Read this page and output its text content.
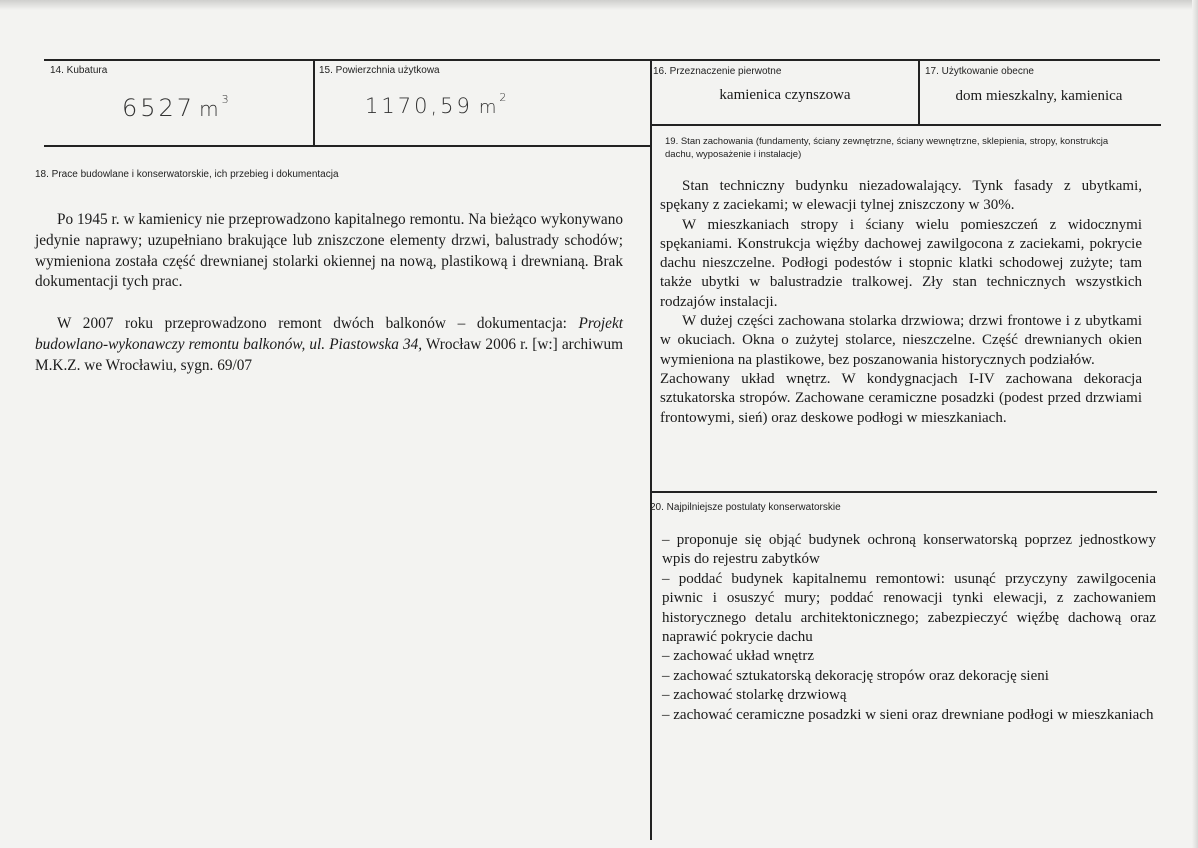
14. Kubatura
6527 $m^3$
15. Powierzchnia użytkowa
1170,59 $m^2$
16. Przeznaczenie pierwotne
kamienica czynszowa
17. Użytkowanie obecne
dom mieszkalny, kamienica
18. Prace budowlane i konserwatorskie, ich przebieg i dokumentacja

Po 1945 r. w kamienicy nie przeprowadzono kapitalnego remontu. Na bieżąco wykonywano jedynie naprawy; uzupełniano brakujące lub zniszczone elementy drzwi, balustrady schodów; wymieniona została część drewnianej stolarki okiennej na nową, plastikową i drewnianą. Brak dokumentacji tych prac.

W 2007 roku przeprowadzono remont dwóch balkonów – dokumentacja: Projekt budowlano-wykonawczy remontu balkonów, ul. Piastowska 34, Wrocław 2006 r. [w:] archiwum M.K.Z. we Wrocławiu, sygn. 69/07

19. Stan zachowania (fundamenty, ściany zewnętrzne, ściany wewnętrzne, sklepienia, stropy, konstrukcja dachu, wyposażenie i instalacje)

Stan techniczny budynku niezadowalający. Tynk fasady z ubytkami, spękany z zaciekami; w elewacji tylnej zniszczony w 30%.

W mieszkaniach stropy i ściany wielu pomieszczeń z widocznymi spękaniami. Konstrukcja więźby dachowej zawilgocona z zaciekami, pokrycie dachu nieszczelne. Podłogi podestów i stopnic klatki schodowej zużyte; tam także ubytki w balustradzie tralkowej. Zły stan technicznych wszystkich rodzajów instalacji.

W dużej części zachowana stolarka drzwiowa; drzwi frontowe i z ubytkami w okuciach. Okna o zużytej stolarce, nieszczelne. Część drewnianych okien wymieniona na plastikowe, bez poszanowania historycznych podziałów.

Zachowany układ wnętrz. W kondygnacjach I-IV zachowana dekoracja sztukatorska stropów. Zachowane ceramiczne posadzki (podest przed drzwiami frontowymi, sień) oraz deskowe podłogi w mieszkaniach.

20. Najpilniejsze postulaty konserwatorskie

– proponuje się objąć budynek ochroną konserwatorską poprzez jednostkowy wpis do rejestru zabytków

– poddać budynek kapitalnemu remontowi: usunąć przyczyny zawilgocenia piwnic i osuszyć mury; poddać renowacji tynki elewacji, z zachowaniem historycznego detalu architektonicznego; zabezpieczyć więźbę dachową oraz naprawić pokrycie dachu

– zachować układ wnętrz

– zachować sztukatorską dekorację stropów oraz dekorację sieni

– zachować stolarkę drzwiową

– zachować ceramiczne posadzki w sieni oraz drewniane podłogi w mieszkaniach
